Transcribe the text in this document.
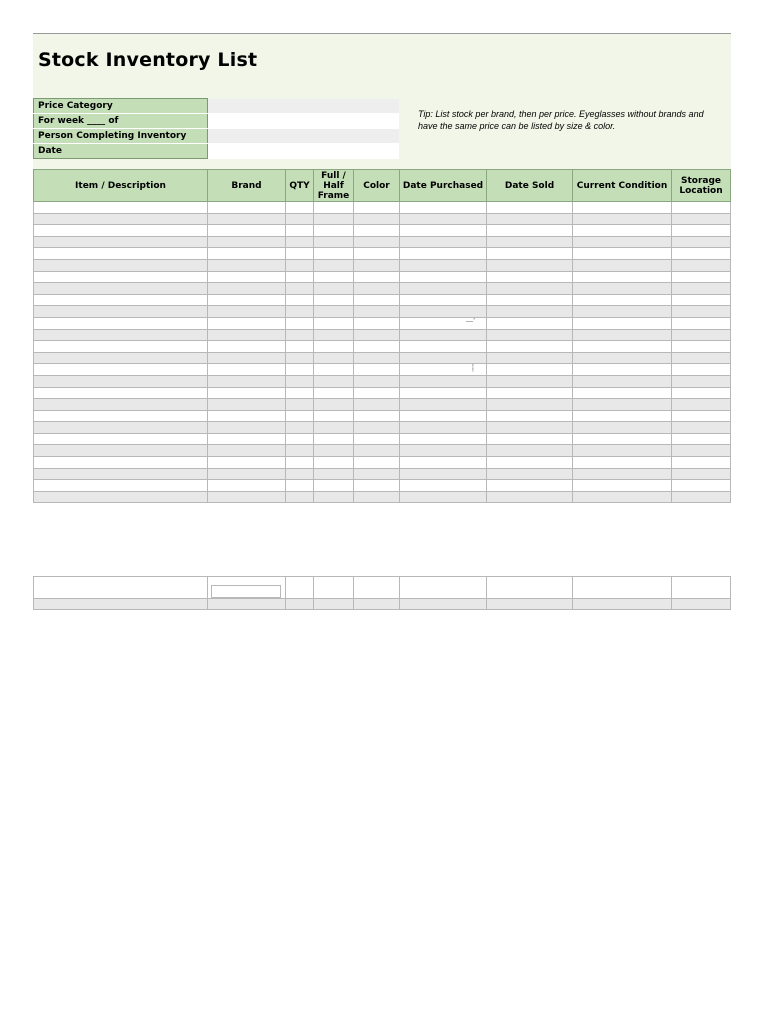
Stock Inventory List
Price Category	
For week ____ of	
Person Completing Inventory	
Date	
Tip: List stock per brand, then per price. Eyeglasses without brands and have the same price can be listed by size & color.
Item / Description	Brand	QTY	Full / Half Frame	Color	Date Purchased	Date Sold	Current Condition	Storage Location

―’
⸽
